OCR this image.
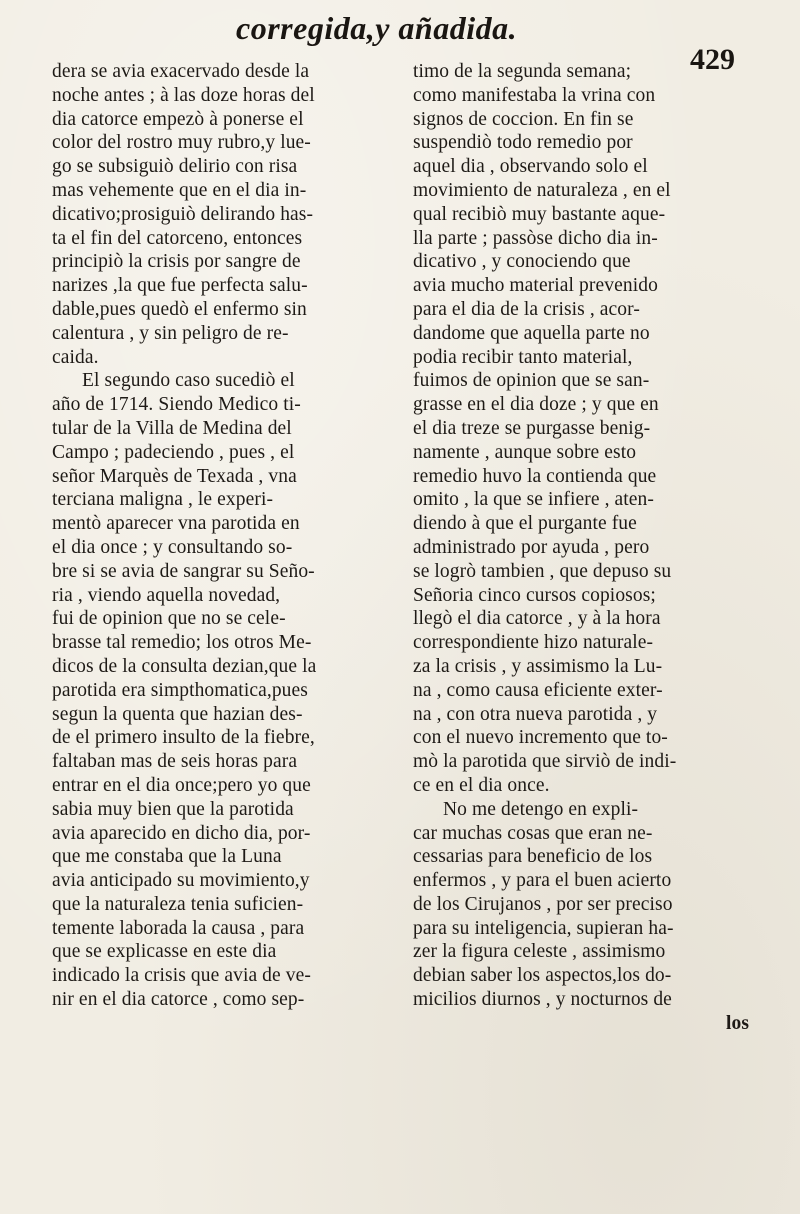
corregida,y añadida.
429
dera se avia exacervado desde la
noche antes ; à las doze horas del
dia catorce empezò à ponerse el
color del rostro muy rubro,y lue-
go se subsiguiò delirio con risa
mas vehemente que en el dia in-
dicativo;prosiguiò delirando has-
ta el fin del catorceno, entonces
principiò la crisis por sangre de
narizes ,la que fue perfecta salu-
dable,pues quedò el enfermo sin
calentura , y sin peligro de re-
caida.
El segundo caso sucediò el
año de 1714. Siendo Medico ti-
tular de la Villa de Medina del
Campo ; padeciendo , pues , el
señor Marquès de Texada , vna
terciana maligna , le experi-
mentò aparecer vna parotida en
el dia once ; y consultando so-
bre si se avia de sangrar su Seño-
ria , viendo aquella novedad,
fui de opinion que no se cele-
brasse tal remedio; los otros Me-
dicos de la consulta dezian,que la
parotida era simpthomatica,pues
segun la quenta que hazian des-
de el primero insulto de la fiebre,
faltaban mas de seis horas para
entrar en el dia once;pero yo que
sabia muy bien que la parotida
avia aparecido en dicho dia, por-
que me constaba que la Luna
avia anticipado su movimiento,y
que la naturaleza tenia suficien-
temente laborada la causa , para
que se explicasse en este dia
indicado la crisis que avia de ve-
nir en el dia catorce , como sep-
timo de la segunda semana;
como manifestaba la vrina con
signos de coccion. En fin se
suspendiò todo remedio por
aquel dia , observando solo el
movimiento de naturaleza , en el
qual recibiò muy bastante aque-
lla parte ; passòse dicho dia in-
dicativo , y conociendo que
avia mucho material prevenido
para el dia de la crisis , acor-
dandome que aquella parte no
podia recibir tanto material,
fuimos de opinion que se san-
grasse en el dia doze ; y que en
el dia treze se purgasse benig-
namente , aunque sobre esto
remedio huvo la contienda que
omito , la que se infiere , aten-
diendo à que el purgante fue
administrado por ayuda , pero
se logrò tambien , que depuso su
Señoria cinco cursos copiosos;
llegò el dia catorce , y à la hora
correspondiente hizo naturale-
za la crisis , y assimismo la Lu-
na , como causa eficiente exter-
na , con otra nueva parotida , y
con el nuevo incremento que to-
mò la parotida que sirviò de indi-
ce en el dia once.
No me detengo en expli-
car muchas cosas que eran ne-
cessarias para beneficio de los
enfermos , y para el buen acierto
de los Cirujanos , por ser preciso
para su inteligencia, supieran ha-
zer la figura celeste , assimismo
debian saber los aspectos,los do-
micilios diurnos , y nocturnos de
los
